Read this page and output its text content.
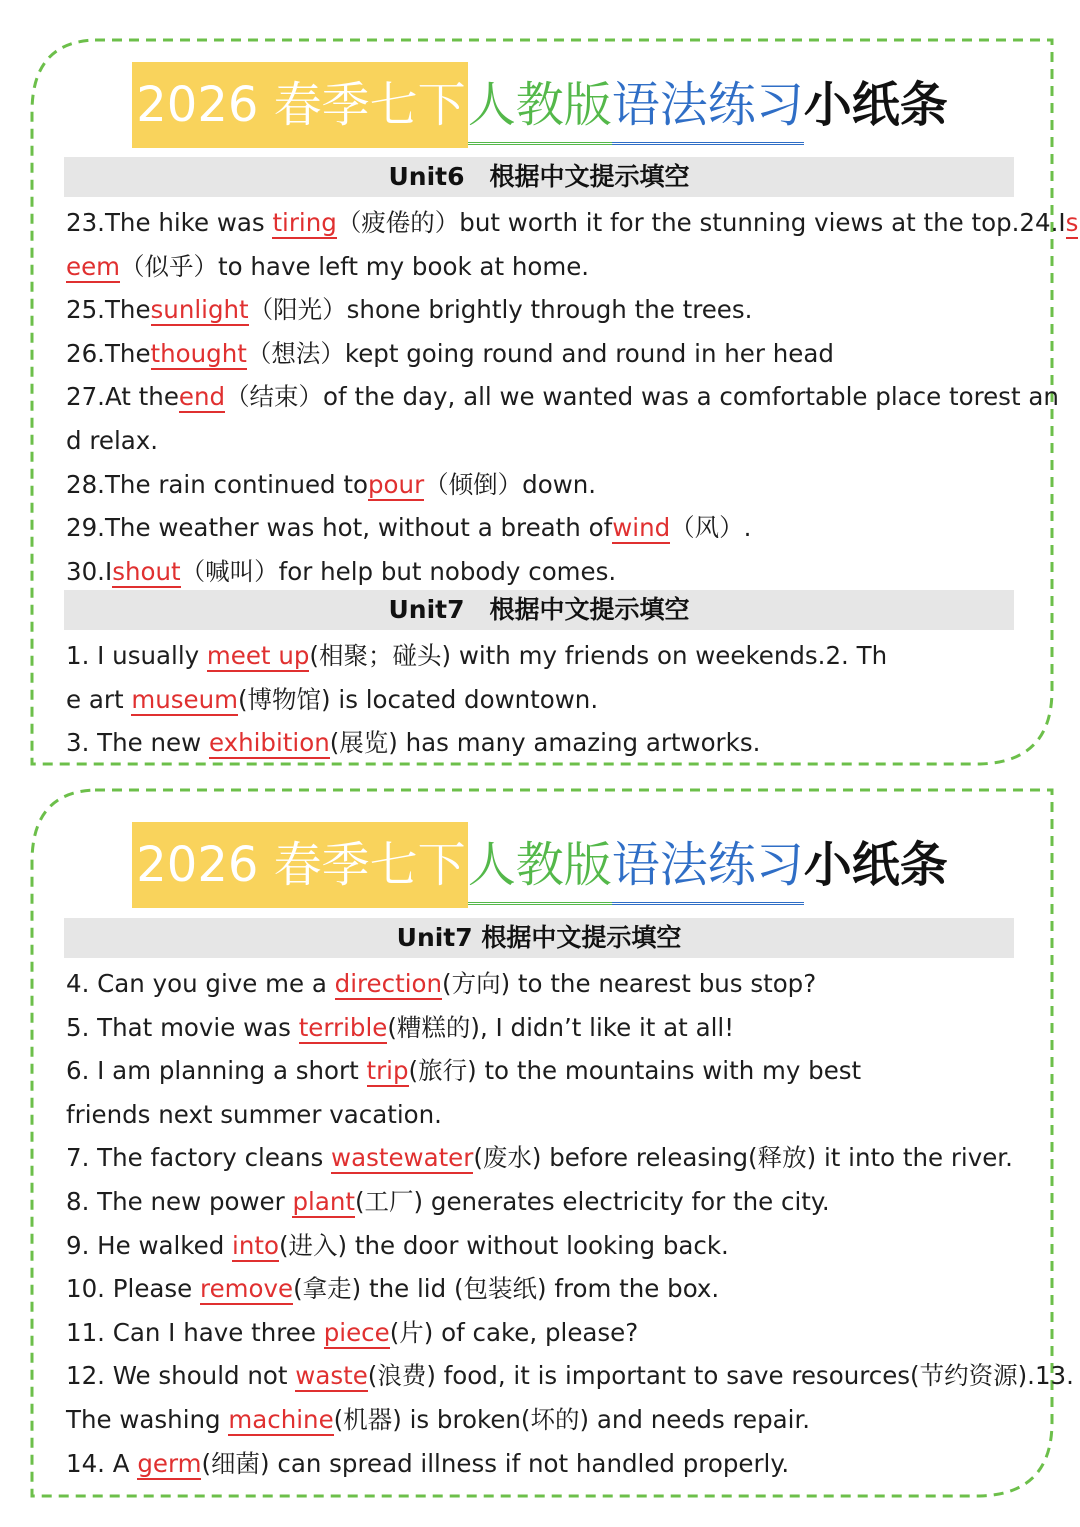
2026 春季七下人教版语法练习小纸条
Unit6　根据中文提示填空
23.The hike was tiring（疲倦的）but worth it for the stunning views at the top.24.Is
eem（似乎）to have left my book at home.
25.Thesunlight（阳光）shone brightly through the trees.
26.Thethought（想法）kept going round and round in her head
27.At theend（结束）of the day, all we wanted was a comfortable place torest an
d relax.
28.The rain continued topour（倾倒）down.
29.The weather was hot, without a breath ofwind（风）.
30.Ishout（喊叫）for help but nobody comes.
Unit7　根据中文提示填空
1. I usually meet up(相聚；碰头) with my friends on weekends.2. Th
e art museum(博物馆) is located downtown.
3. The new exhibition(展览) has many amazing artworks.
2026 春季七下人教版语法练习小纸条
Unit7 根据中文提示填空
4. Can you give me a direction(方向) to the nearest bus stop?
5. That movie was terrible(糟糕的), I didn’t like it at all!
6. I am planning a short trip(旅行) to the mountains with my best
friends next summer vacation.
7. The factory cleans wastewater(废水) before releasing(释放) it into the river.
8. The new power plant(工厂) generates electricity for the city.
9. He walked into(进入) the door without looking back.
10. Please remove(拿走) the lid (包装纸) from the box.
11. Can I have three piece(片) of cake, please?
12. We should not waste(浪费) food, it is important to save resources(节约资源).13.
The washing machine(机器) is broken(坏的) and needs repair.
14. A germ(细菌) can spread illness if not handled properly.
